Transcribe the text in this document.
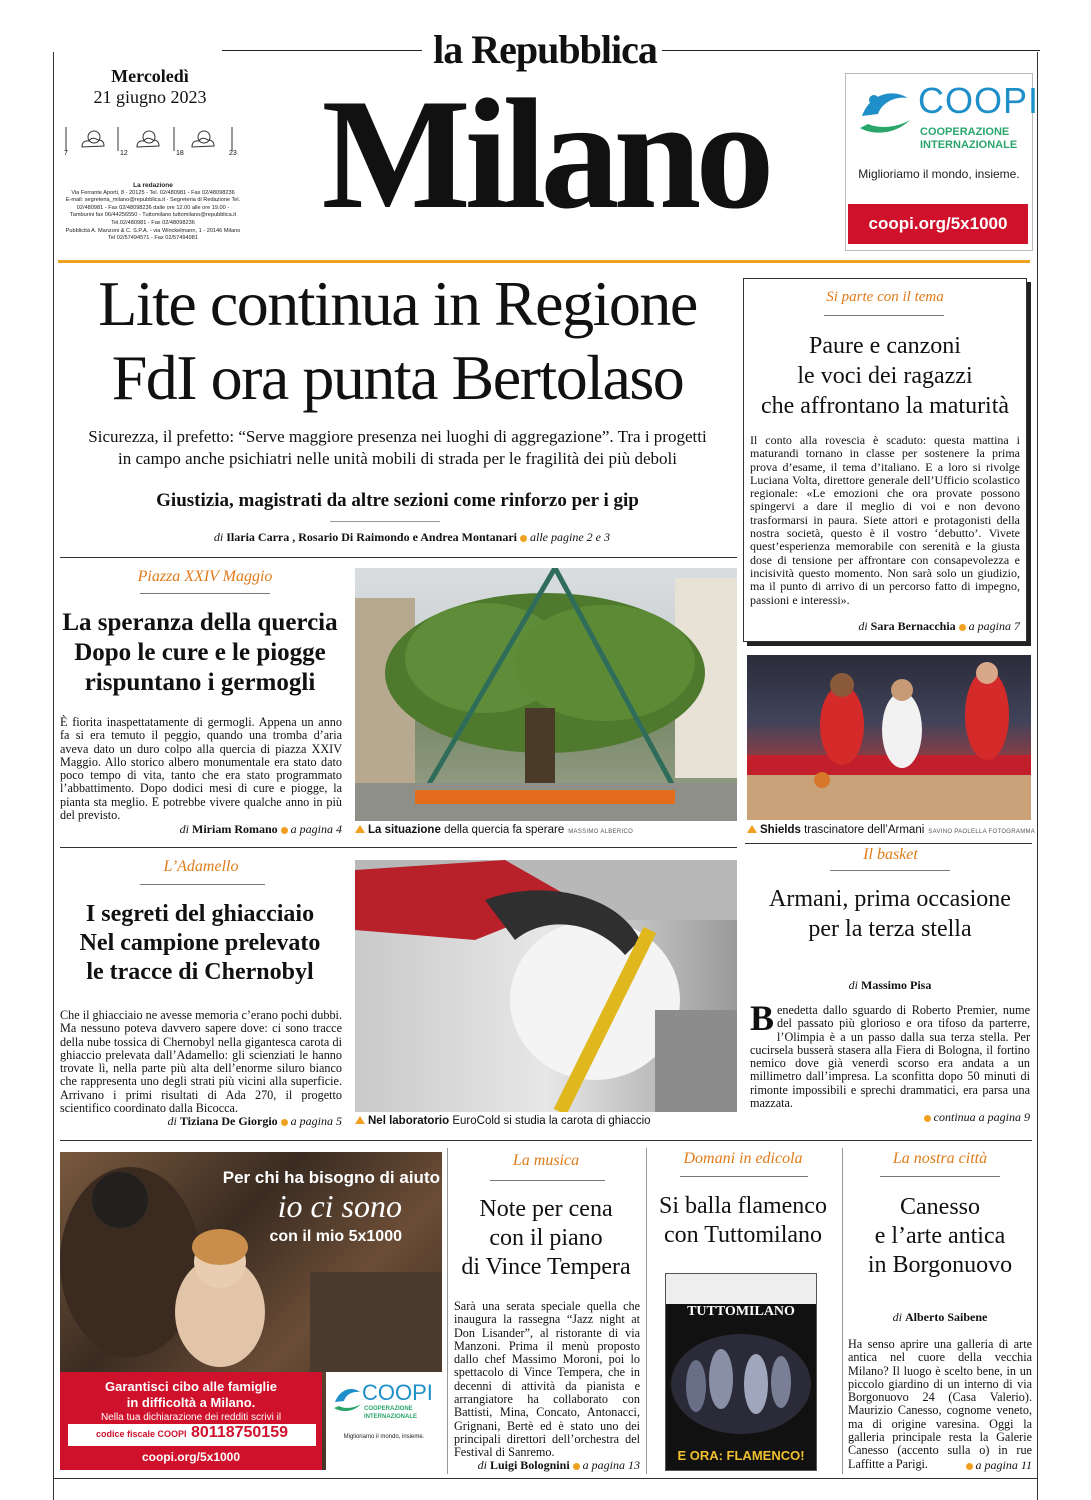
la Repubblica
Milano
Mercoledì
21 giugno 2023
7	12	18	23
La redazione
Via Ferrante Aporti, 8 - 20125 - Tel. 02/480981 - Fax 02/48098236
E-mail: segreteria_milano@repubblica.it - Segreteria di Redazione Tel.
02/480981 - Fax 02/48098236 dalle ore 12.00 alle ore 19.00 -
Tamburini fax 06/44256550 - Tuttomilano tuttomilano@repubblica.it
Tel.02/480981 - Fax 02/48098236
Pubblicità A. Manzoni & C. S.P.A. - via Winckelmann, 1 - 20146 Milano
Tel 02/57494571 - Fax 02/57494981
COOPI
COOPERAZIONE
INTERNAZIONALE
Miglioriamo il mondo, insieme.
coopi.org/5x1000
Lite continua in Regione
FdI ora punta Bertolaso
Sicurezza, il prefetto: “Serve maggiore presenza nei luoghi di aggregazione”. Tra i progetti
in campo anche psichiatri nelle unità mobili di strada per le fragilità dei più deboli
Giustizia, magistrati da altre sezioni come rinforzo per i gip
di Ilaria Carra , Rosario Di Raimondo e Andrea Montanari alle pagine 2 e 3
Si parte con il tema
Paure e canzoni
le voci dei ragazzi
che affrontano la maturità
Il conto alla rovescia è scaduto: questa mattina i maturandi tornano in classe per sostenere la prima prova d’esame, il tema d’italiano. E a loro si rivolge Luciana Volta, direttore generale dell’Ufficio scolastico regionale: «Le emozioni che ora provate possono spingervi a dare il meglio di voi e non devono trasformarsi in paura. Siete attori e protagonisti della nostra società, questo è il vostro ‘debutto’. Vivete quest’esperienza memorabile con serenità e la giusta dose di tensione per affrontare con consapevolezza e incisività questo momento. Non sarà solo un giudizio, ma il punto di arrivo di un percorso fatto di impegno, passioni e interessi».
di Sara Bernacchia a pagina 7
Piazza XXIV Maggio
La speranza della quercia
Dopo le cure e le piogge
rispuntano i germogli
È fiorita inaspettatamente di germogli. Appena un anno fa si era temuto il peggio, quando una tromba d’aria aveva dato un duro colpo alla quercia di piazza XXIV Maggio. Allo storico albero monumentale era stato dato poco tempo di vita, tanto che era stato programmato l’abbattimento. Dopo dodici mesi di cure e piogge, la pianta sta meglio. E potrebbe vivere qualche anno in più del previsto.
di Miriam Romano a pagina 4	La situazione della quercia fa sperare MASSIMO ALBERICO	Shields trascinatore dell’Armani SAVINO PAOLELLA FOTOGRAMMA
L’Adamello
I segreti del ghiacciaio
Nel campione prelevato
le tracce di Chernobyl
Che il ghiacciaio ne avesse memoria c’erano pochi dubbi. Ma nessuno poteva davvero sapere dove: ci sono tracce della nube tossica di Chernobyl nella gigantesca carota di ghiaccio prelevata dall’Adamello: gli scienziati le hanno trovate lì, nella parte più alta dell’enorme siluro bianco che rappresenta uno degli strati più vicini alla superficie. Arrivano i primi risultati di Ada 270, il progetto scientifico coordinato dalla Bicocca.
di Tiziana De Giorgio a pagina 5	Nel laboratorio EuroCold si studia la carota di ghiaccio
Il basket
Armani, prima occasione
per la terza stella
di Massimo Pisa
Benedetta dallo sguardo di Roberto Premier, nume del passato più glorioso e ora tifoso da parterre, l’Olimpia è a un passo dalla sua terza stella. Per cucirsela busserà stasera alla Fiera di Bologna, il fortino nemico dove già venerdì scorso era andata a un millimetro dall’impresa. La sconfitta dopo 50 minuti di rimonte impossibili e sprechi drammatici, era parsa una mazzata.
continua a pagina 9
Per chi ha bisogno di aiuto
io ci sono
con il mio 5x1000
Garantisci cibo alle famiglie
in difficoltà a Milano.
Nella tua dichiarazione dei redditi scrivi il
codice fiscale COOPI 80118750159
coopi.org/5x1000
COOPI
COOPERAZIONE
INTERNAZIONALE
Miglioriamo il mondo, insieme.
La musica
Note per cena
con il piano
di Vince Tempera
Sarà una serata speciale quella che inaugura la rassegna “Jazz night at Don Lisander”, al ristorante di via Manzoni. Prima il menù proposto dallo chef Massimo Moroni, poi lo spettacolo di Vince Tempera, che in decenni di attività da pianista e arrangiatore ha collaborato con Battisti, Mina, Concato, Antonacci, Grignani, Bertè ed è stato uno dei principali direttori dell’orchestra del Festival di Sanremo.
di Luigi Bolognini a pagina 13
Domani in edicola
Si balla flamenco
con Tuttomilano
TUTTOMILANO
E ORA: FLAMENCO!
La nostra città
Canesso
e l’arte antica
in Borgonuovo
di Alberto Saibene
Ha senso aprire una galleria di arte antica nel cuore della vecchia Milano? Il luogo è scelto bene, in un piccolo giardino di un interno di via Borgonuovo 24 (Casa Valerio). Maurizio Canesso, cognome veneto, ma di origine varesina. Oggi la galleria principale resta la Galerie Canesso (accento sulla o) in rue Laffitte a Parigi.	a pagina 11
